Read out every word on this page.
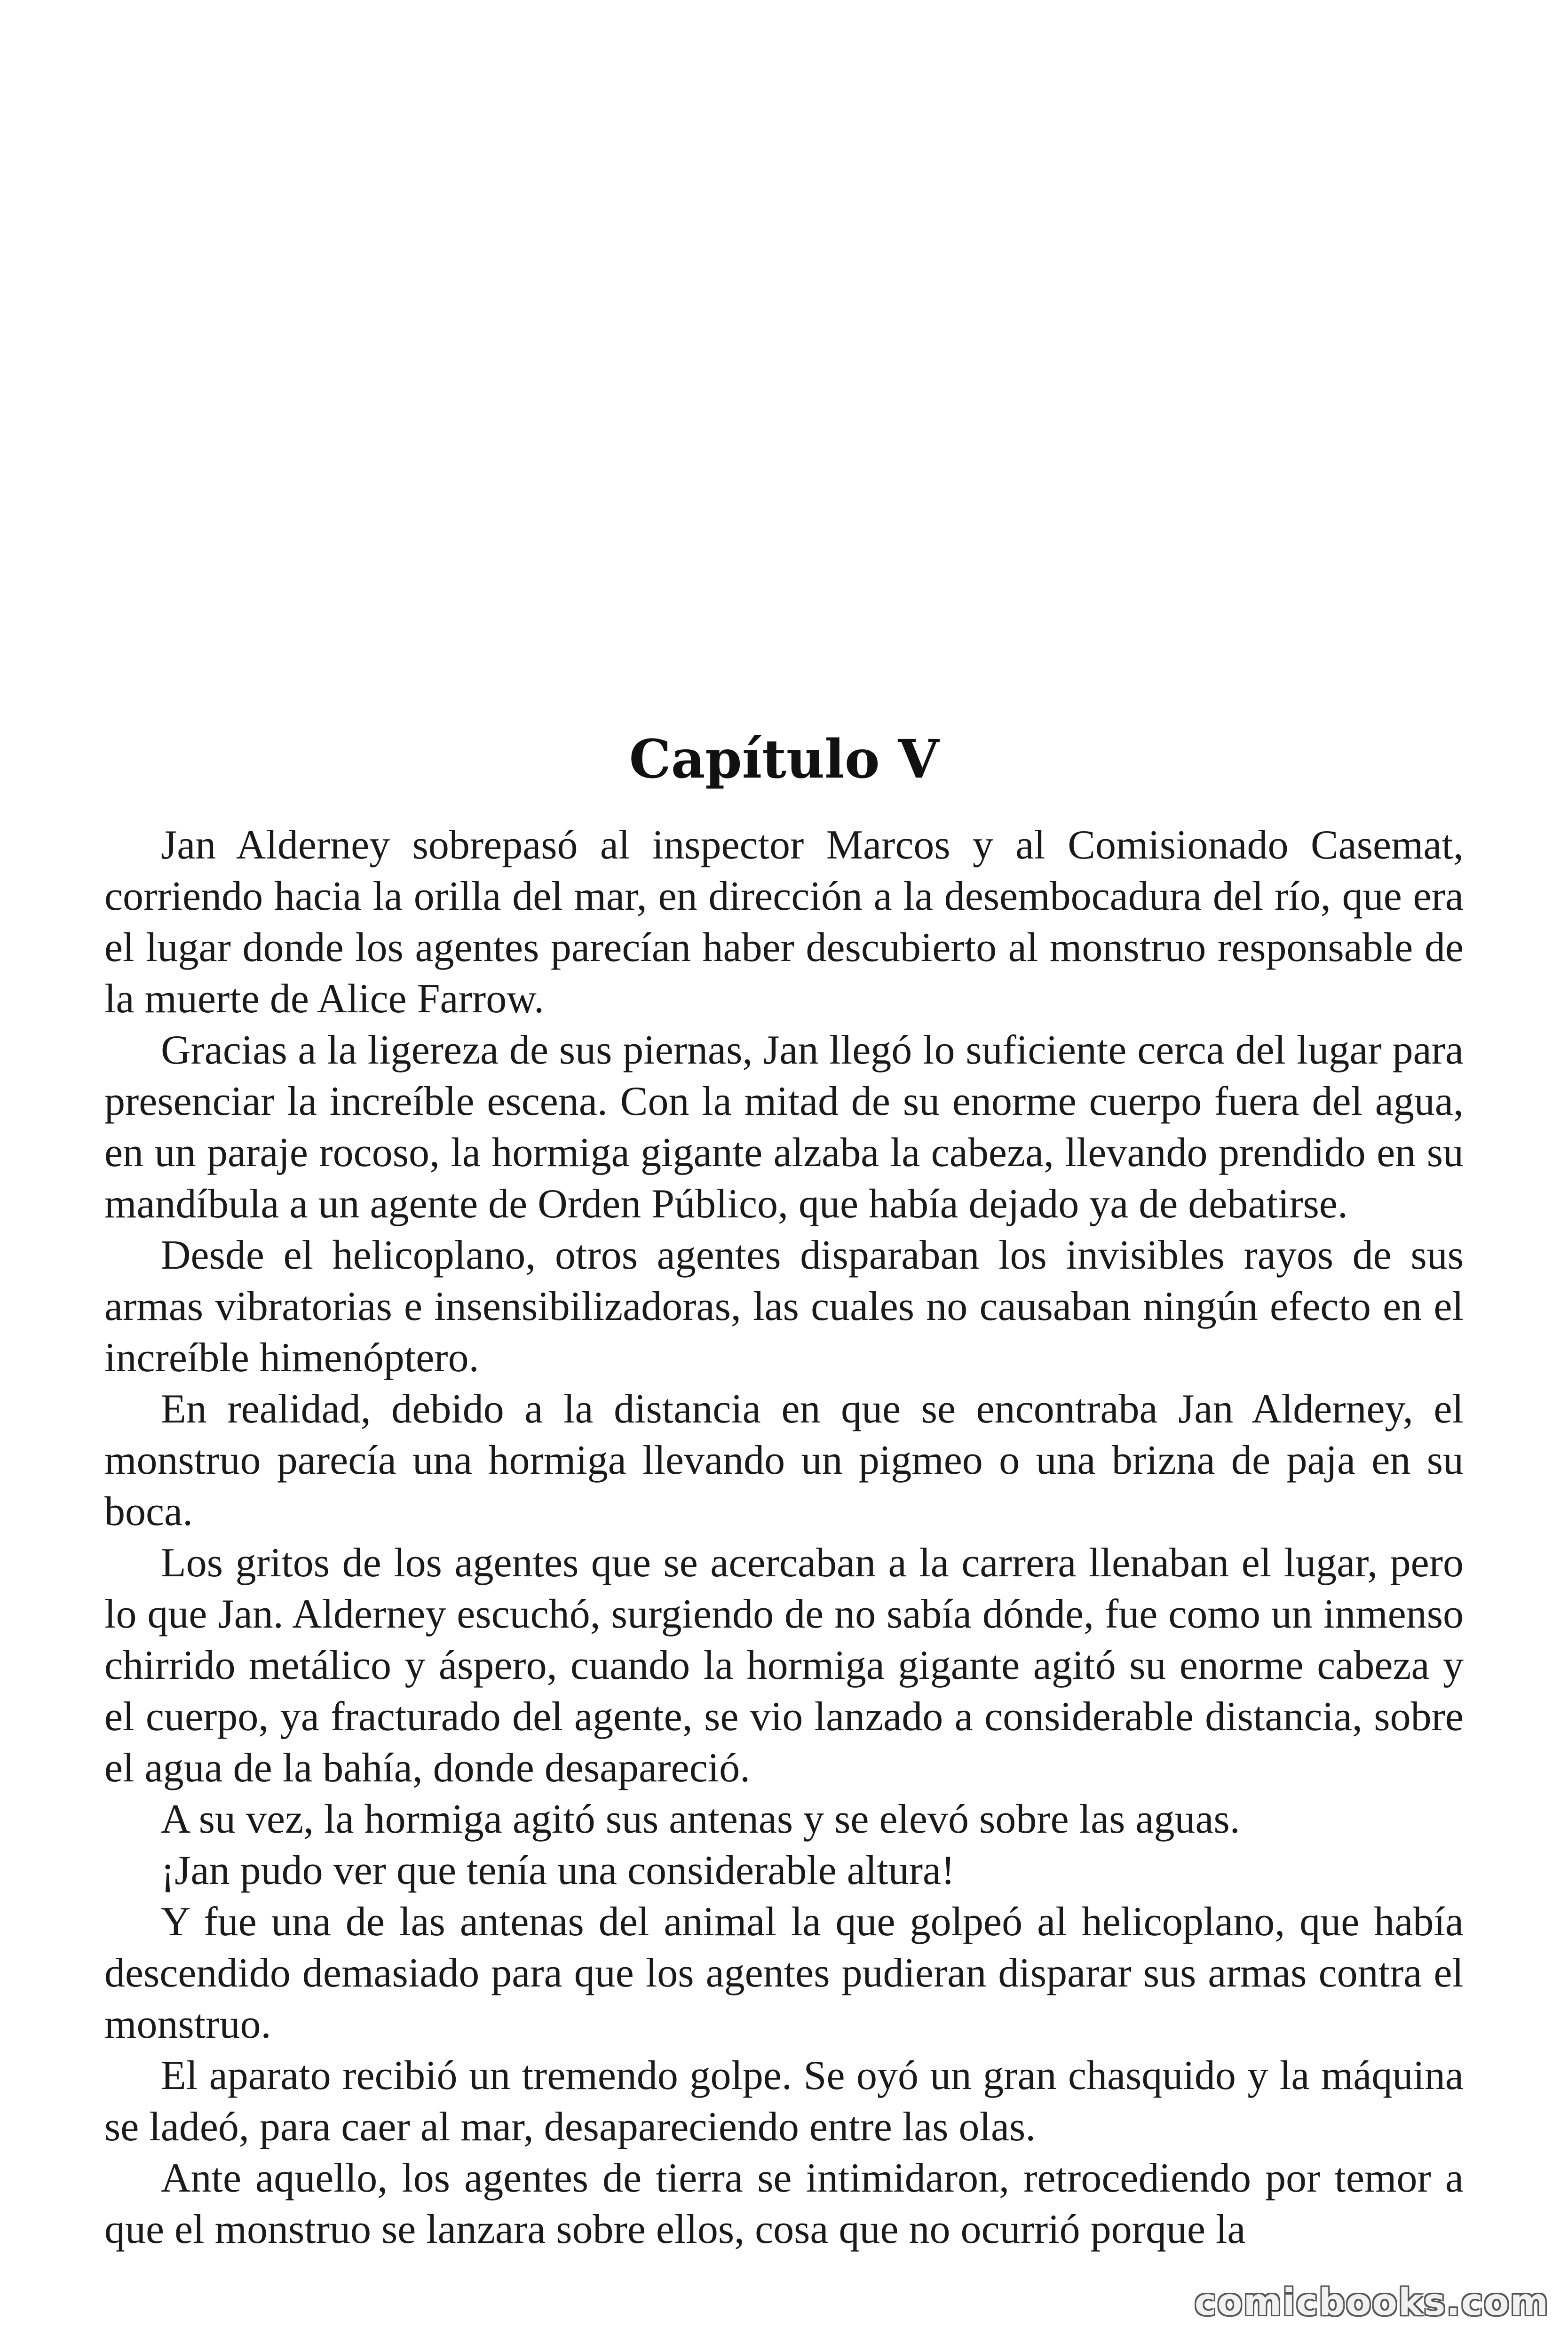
Capítulo V

Jan Alderney sobrepasó al inspector Marcos y al Comisionado Casemat, corriendo hacia la orilla del mar, en dirección a la desembocadura del río, que era el lugar donde los agentes parecían haber descubierto al monstruo responsable de la muerte de Alice Farrow.

Gracias a la ligereza de sus piernas, Jan llegó lo suficiente cerca del lugar para presenciar la increíble escena. Con la mitad de su enorme cuerpo fuera del agua, en un paraje rocoso, la hormiga gigante alzaba la cabeza, llevando prendido en su mandíbula a un agente de Orden Público, que había dejado ya de debatirse.

Desde el helicoplano, otros agentes disparaban los invisibles rayos de sus armas vibratorias e insensibilizadoras, las cuales no causaban ningún efecto en el increíble himenóptero.

En realidad, debido a la distancia en que se encontraba Jan Alderney, el monstruo parecía una hormiga llevando un pigmeo o una brizna de paja en su boca.

Los gritos de los agentes que se acercaban a la carrera llenaban el lugar, pero lo que Jan. Alderney escuchó, surgiendo de no sabía dónde, fue como un inmenso chirrido metálico y áspero, cuando la hormiga gigante agitó su enorme cabeza y el cuerpo, ya fracturado del agente, se vio lanzado a considerable distancia, sobre el agua de la bahía, donde desapareció.

A su vez, la hormiga agitó sus antenas y se elevó sobre las aguas.

¡Jan pudo ver que tenía una considerable altura!

Y fue una de las antenas del animal la que golpeó al helicoplano, que había descendido demasiado para que los agentes pudieran disparar sus armas contra el monstruo.

El aparato recibió un tremendo golpe. Se oyó un gran chasquido y la máquina se ladeó, para caer al mar, desapareciendo entre las olas.

Ante aquello, los agentes de tierra se intimidaron, retrocediendo por temor a que el monstruo se lanzara sobre ellos, cosa que no ocurrió porque la

comicbooks.com
